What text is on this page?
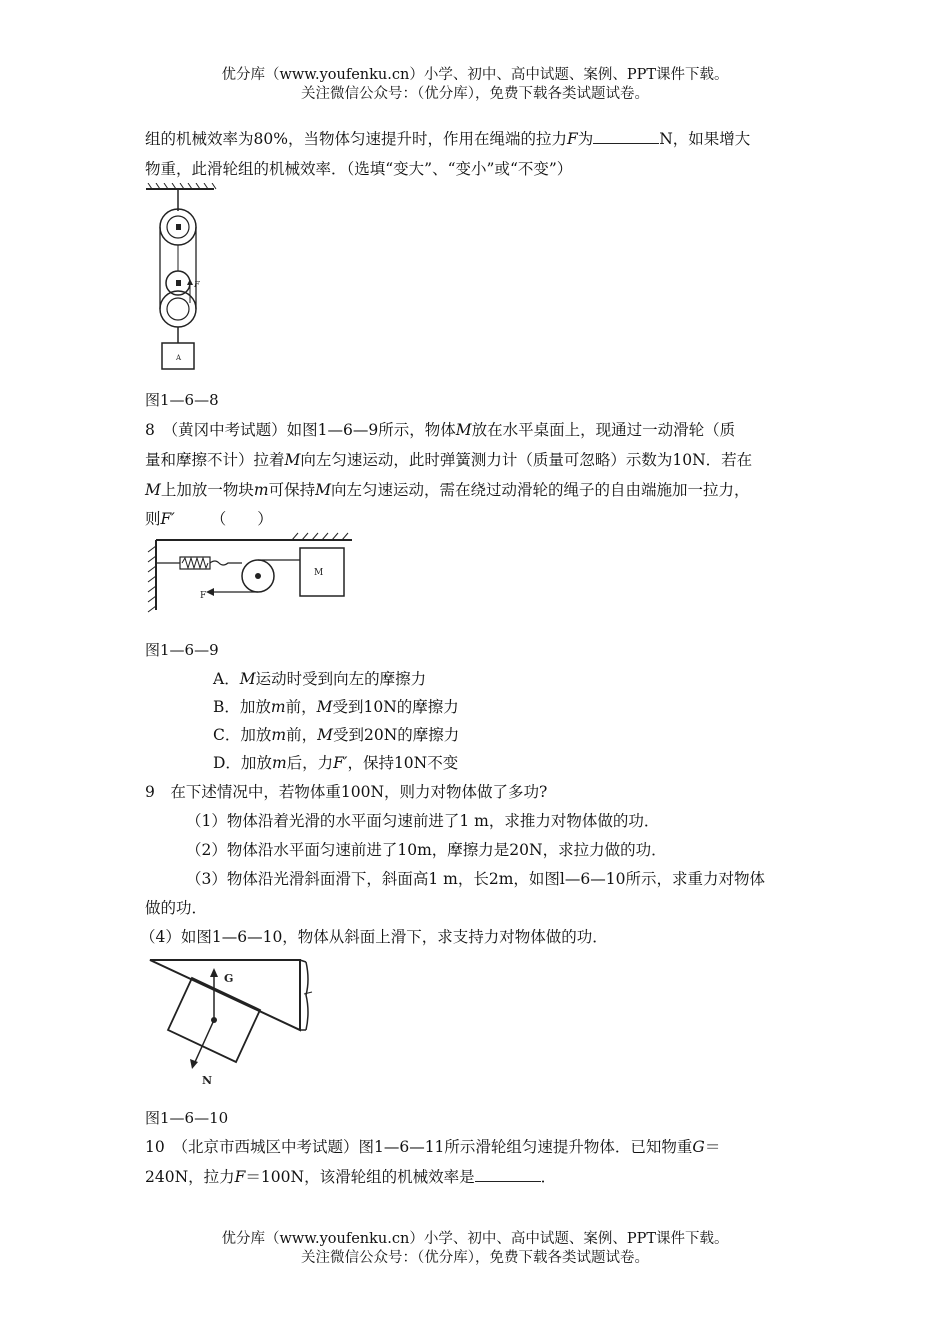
优分库（www.youfenku.cn）小学、初中、高中试题、案例、PPT课件下载。
关注微信公众号：（优分库），免费下载各类试题试卷。
组的机械效率为80%，当物体匀速提升时，作用在绳端的拉力F为	N，如果增大
物重，此滑轮组的机械效率．（选填“变大”、“变小”或“不变”）
F
A
图1—6—8
8　（黄冈中考试题）如图1—6—9所示，物体M放在水平桌面上，现通过一动滑轮（质
量和摩擦不计）拉着M向左匀速运动，此时弹簧测力计（质量可忽略）示数为10N．若在
M上加放一物块m可保持M向左匀速运动，需在绕过动滑轮的绳子的自由端施加一拉力，
则F′ （　　）
F
M
图1—6—9
A．M运动时受到向左的摩擦力
B．加放m前，M受到10N的摩擦力
C．加放m前，M受到20N的摩擦力
D．加放m后，力F′，保持10N不变
9　在下述情况中，若物体重100N，则力对物体做了多功?
（1）物体沿着光滑的水平面匀速前进了1 m，求推力对物体做的功．
（2）物体沿水平面匀速前进了10m，摩擦力是20N，求拉力做的功．
（3）物体沿光滑斜面滑下，斜面高1 m，长2m，如图l—6—10所示，求重力对物体
做的功．
（4）如图1—6—10，物体从斜面上滑下，求支持力对物体做的功．
G
N
图1—6—10
10　（北京市西城区中考试题）图1—6—11所示滑轮组匀速提升物体．已知物重G＝
240N，拉力F＝100N，该滑轮组的机械效率是	．
优分库（www.youfenku.cn）小学、初中、高中试题、案例、PPT课件下载。
关注微信公众号：（优分库），免费下载各类试题试卷。
